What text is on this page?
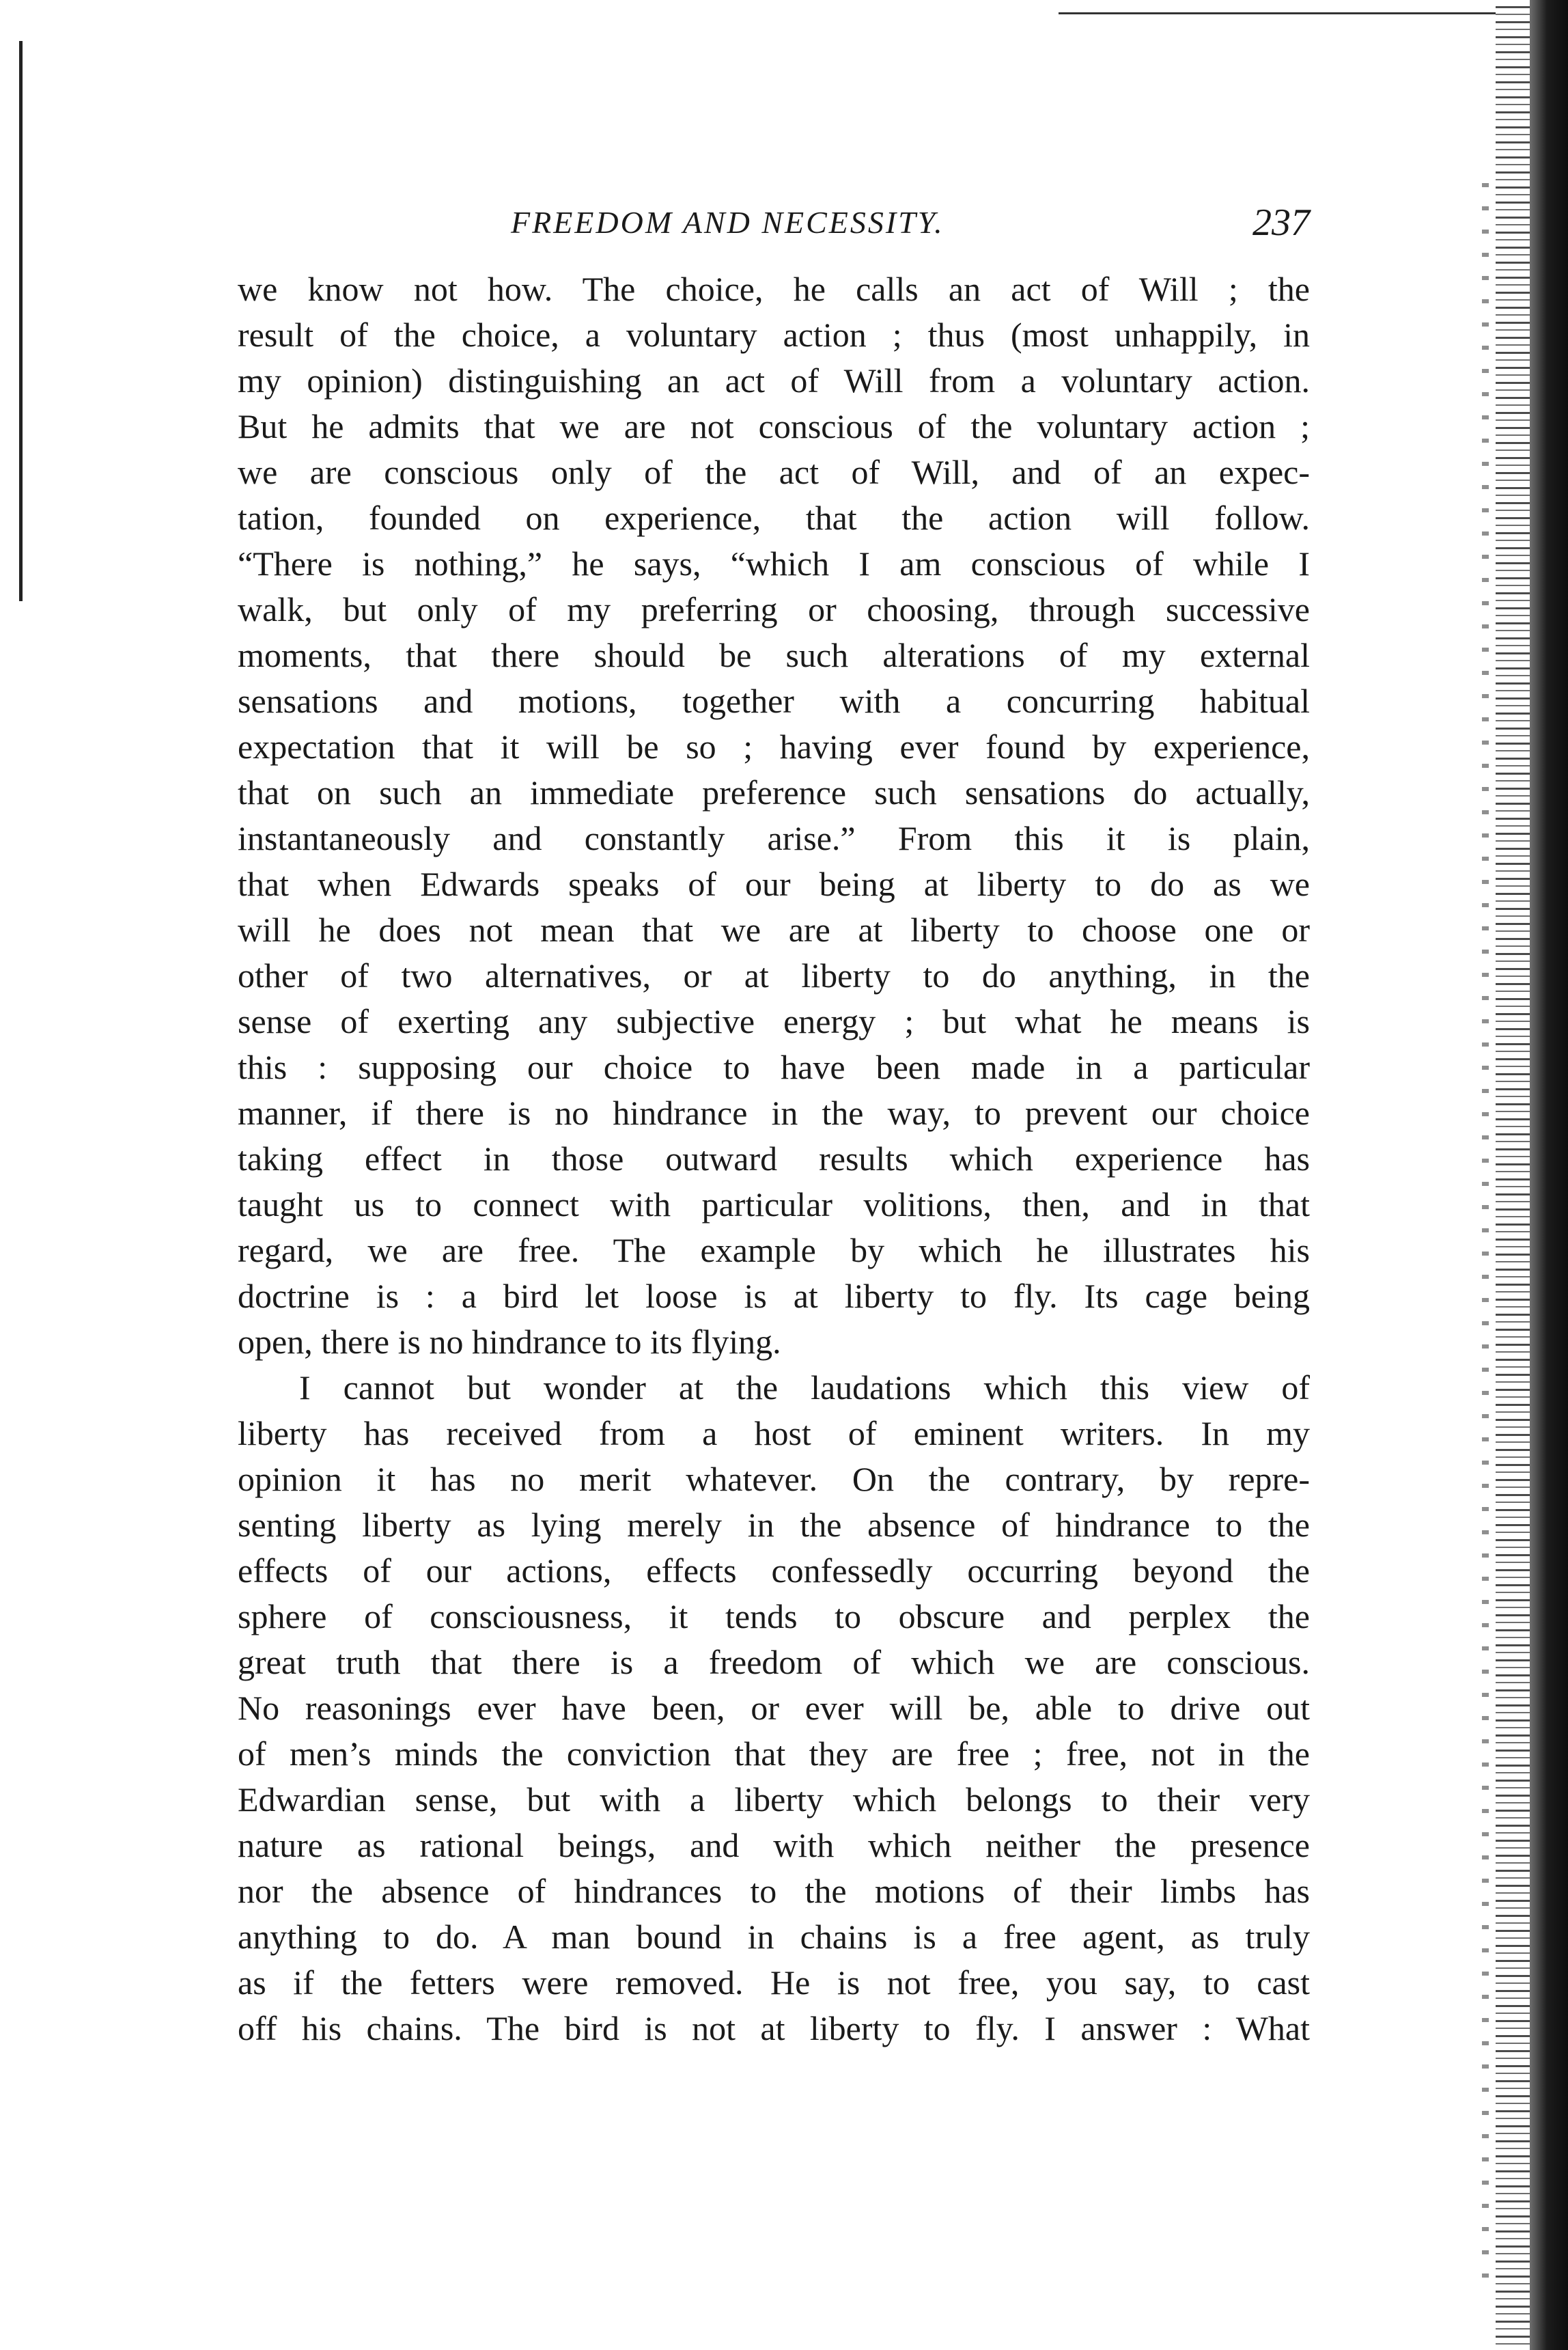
FREEDOM AND NECESSITY.	237
we know not how. The choice, he calls an act of Will ; the
result of the choice, a voluntary action ; thus (most unhappily, in
my opinion) distinguishing an act of Will from a voluntary action.
But he admits that we are not conscious of the voluntary action ;
we are conscious only of the act of Will, and of an expec-
tation, founded on experience, that the action will follow.
“There is nothing,” he says, “which I am conscious of while I
walk, but only of my preferring or choosing, through successive
moments, that there should be such alterations of my external
sensations and motions, together with a concurring habitual
expectation that it will be so ; having ever found by experience,
that on such an immediate preference such sensations do actually,
instantaneously and constantly arise.” From this it is plain,
that when Edwards speaks of our being at liberty to do as we
will he does not mean that we are at liberty to choose one or
other of two alternatives, or at liberty to do anything, in the
sense of exerting any subjective energy ; but what he means is
this : supposing our choice to have been made in a particular
manner, if there is no hindrance in the way, to prevent our choice
taking effect in those outward results which experience has
taught us to connect with particular volitions, then, and in that
regard, we are free. The example by which he illustrates his
doctrine is : a bird let loose is at liberty to fly. Its cage being
open, there is no hindrance to its flying.
I cannot but wonder at the laudations which this view of
liberty has received from a host of eminent writers. In my
opinion it has no merit whatever. On the contrary, by repre-
senting liberty as lying merely in the absence of hindrance to the
effects of our actions, effects confessedly occurring beyond the
sphere of consciousness, it tends to obscure and perplex the
great truth that there is a freedom of which we are conscious.
No reasonings ever have been, or ever will be, able to drive out
of men’s minds the conviction that they are free ; free, not in the
Edwardian sense, but with a liberty which belongs to their very
nature as rational beings, and with which neither the presence
nor the absence of hindrances to the motions of their limbs has
anything to do. A man bound in chains is a free agent, as truly
as if the fetters were removed. He is not free, you say, to cast
off his chains. The bird is not at liberty to fly. I answer : What
